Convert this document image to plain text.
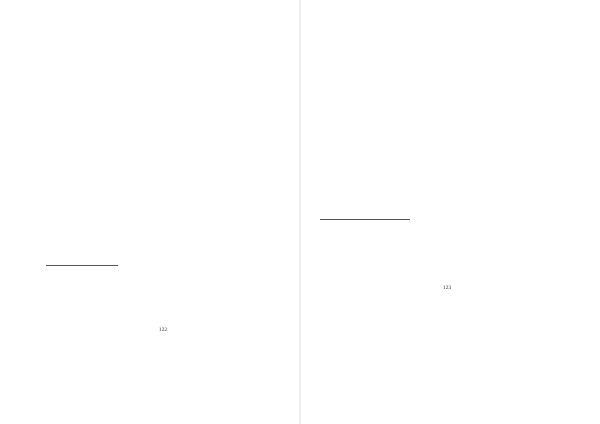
122

123
